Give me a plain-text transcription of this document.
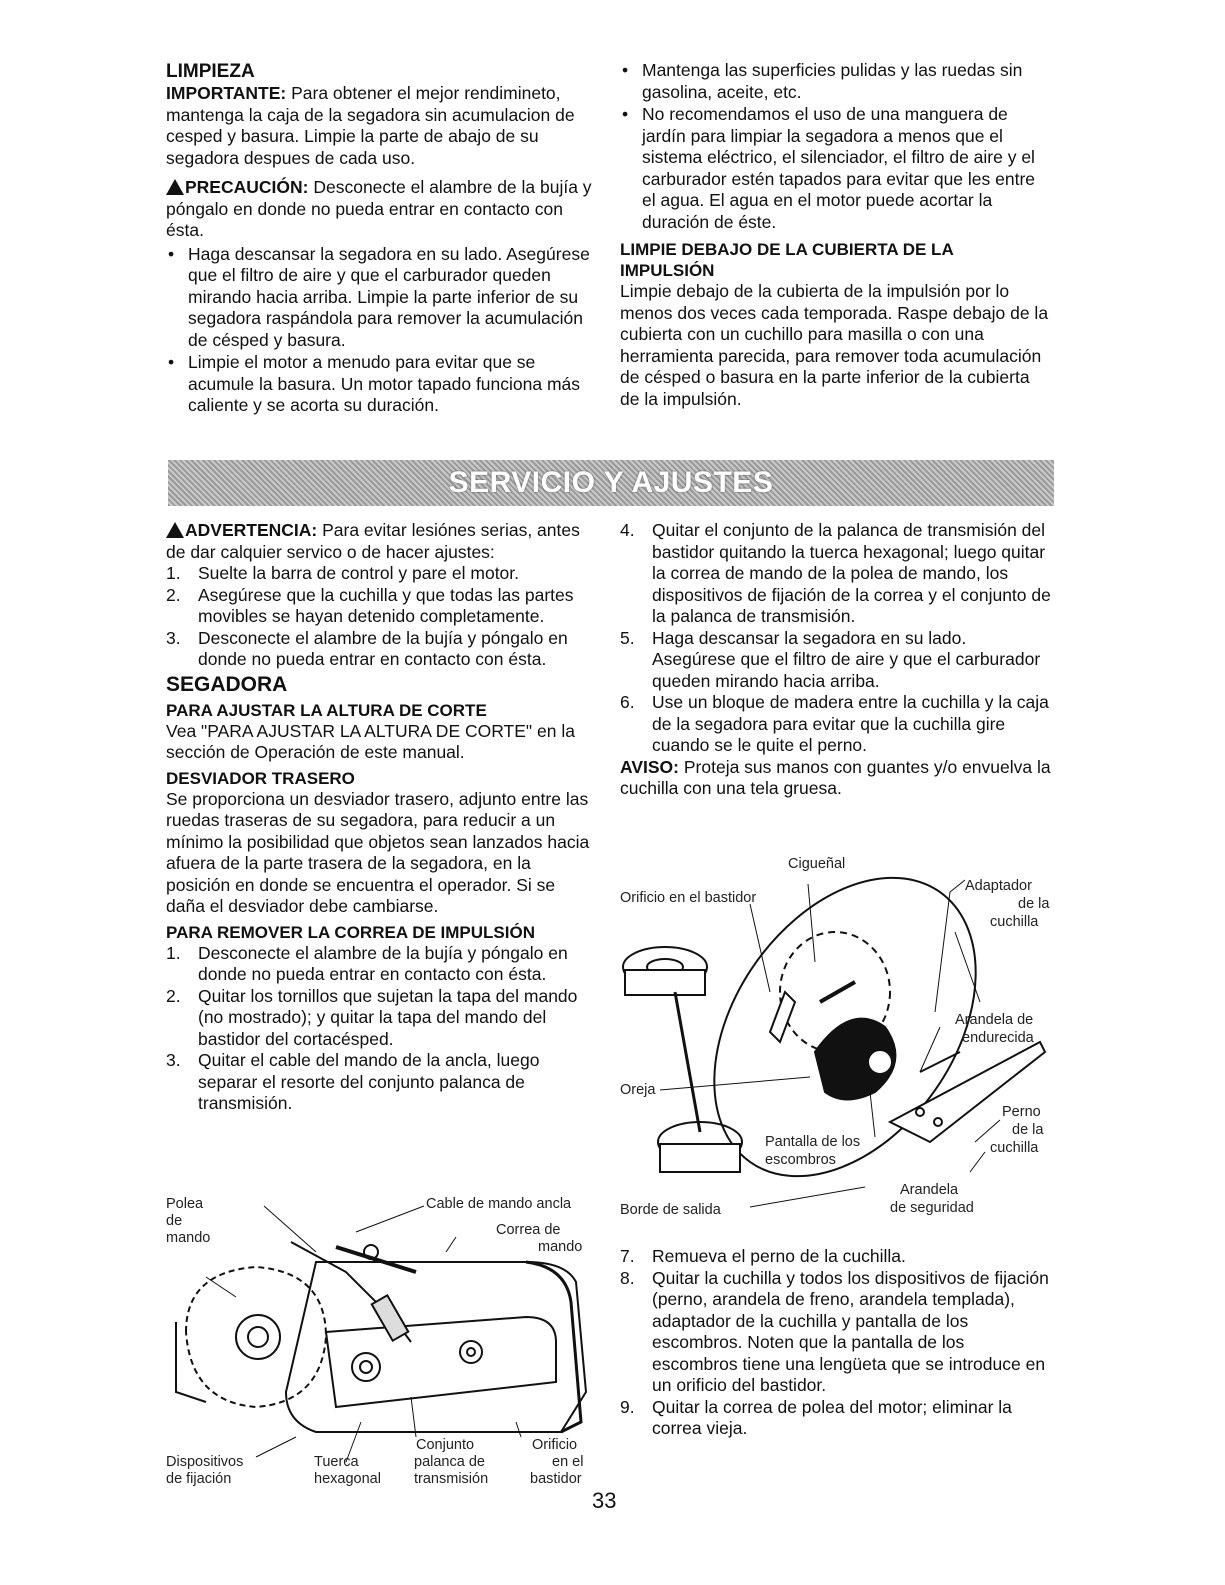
LIMPIEZA

IMPORTANTE: Para obtener el mejor rendimineto, mantenga la caja de la segadora sin acumulacion de cesped y basura. Limpie la parte de abajo de su segadora despues de cada uso.

PRECAUCIÓN: Desconecte el alambre de la bujía y póngalo en donde no pueda entrar en contacto con ésta.

• Haga descansar la segadora en su lado. Asegúrese que el filtro de aire y que el carburador queden mirando hacia arriba. Limpie la parte inferior de su segadora raspándola para remover la acumulación de césped y basura.
• Limpie el motor a menudo para evitar que se acumule la basura. Un motor tapado funciona más caliente y se acorta su duración.
• Mantenga las superficies pulidas y las ruedas sin gasolina, aceite, etc.
• No recomendamos el uso de una manguera de jardín para limpiar la segadora a menos que el sistema eléctrico, el silenciador, el filtro de aire y el carburador estén tapados para evitar que les entre el agua. El agua en el motor puede acortar la duración de éste.
LIMPIE DEBAJO DE LA CUBIERTA DE LA IMPULSIÓN

Limpie debajo de la cubierta de la impulsión por lo menos dos veces cada temporada. Raspe debajo de la cubierta con un cuchillo para masilla o con una herramienta parecida, para remover toda acumulación de césped o basura en la parte inferior de la cubierta de la impulsión.

SERVICIO Y AJUSTES

ADVERTENCIA: Para evitar lesiónes serias, antes de dar calquier servico o de hacer ajustes:

1. Suelte la barra de control y pare el motor.
2. Asegúrese que la cuchilla y que todas las partes movibles se hayan detenido completamente.
3. Desconecte el alambre de la bujía y póngalo en donde no pueda entrar en contacto con ésta.
SEGADORA
PARA AJUSTAR LA ALTURA DE CORTE

Vea "PARA AJUSTAR LA ALTURA DE CORTE" en la sección de Operación de este manual.

DESVIADOR TRASERO

Se proporciona un desviador trasero, adjunto entre las ruedas traseras de su segadora, para reducir a un mínimo la posibilidad que objetos sean lanzados hacia afuera de la parte trasera de la segadora, en la posición en donde se encuentra el operador. Si se daña el desviador debe cambiarse.

PARA REMOVER LA CORREA DE IMPULSIÓN
1. Desconecte el alambre de la bujía y póngalo en donde no pueda entrar en contacto con ésta.
2. Quitar los tornillos que sujetan la tapa del mando (no mostrado); y quitar la tapa del mando del bastidor del cortacésped.
3. Quitar el cable del mando de la ancla, luego separar el resorte del conjunto palanca de transmisión.
4. Quitar el conjunto de la palanca de transmisión del bastidor quitando la tuerca hexagonal; luego quitar la correa de mando de la polea de mando, los dispositivos de fijación de la correa y el conjunto de la palanca de transmisión.
5. Haga descansar la segadora en su lado. Asegúrese que el filtro de aire y que el carburador queden mirando hacia arriba.
6. Use un bloque de madera entre la cuchilla y la caja de la segadora para evitar que la cuchilla gire cuando se le quite el perno.

AVISO: Proteja sus manos con guantes y/o envuelva la cuchilla con una tela gruesa.

7. Remueva el perno de la cuchilla.
8. Quitar la cuchilla y todos los dispositivos de fijación (perno, arandela de freno, arandela templada), adaptador de la cuchilla y pantalla de los escombros. Noten que la pantalla de los escombros tiene una lengüeta que se introduce en un orificio del bastidor.
9. Quitar la correa de polea del motor; eliminar la correa vieja.
Polea
de
mando
Cable de mando ancla
Correa de
mando
Dispositivos
de fijación
Tuerca
hexagonal
Conjunto
palanca de
transmisión
Orificio
en el
bastidor
Cigueñal
Orificio en el bastidor
Adaptador
de la
cuchilla
Arandela de
endurecida
Oreja
Pantalla de los
escombros
Perno
de la
cuchilla
Arandela
de seguridad
Borde de salida
33
